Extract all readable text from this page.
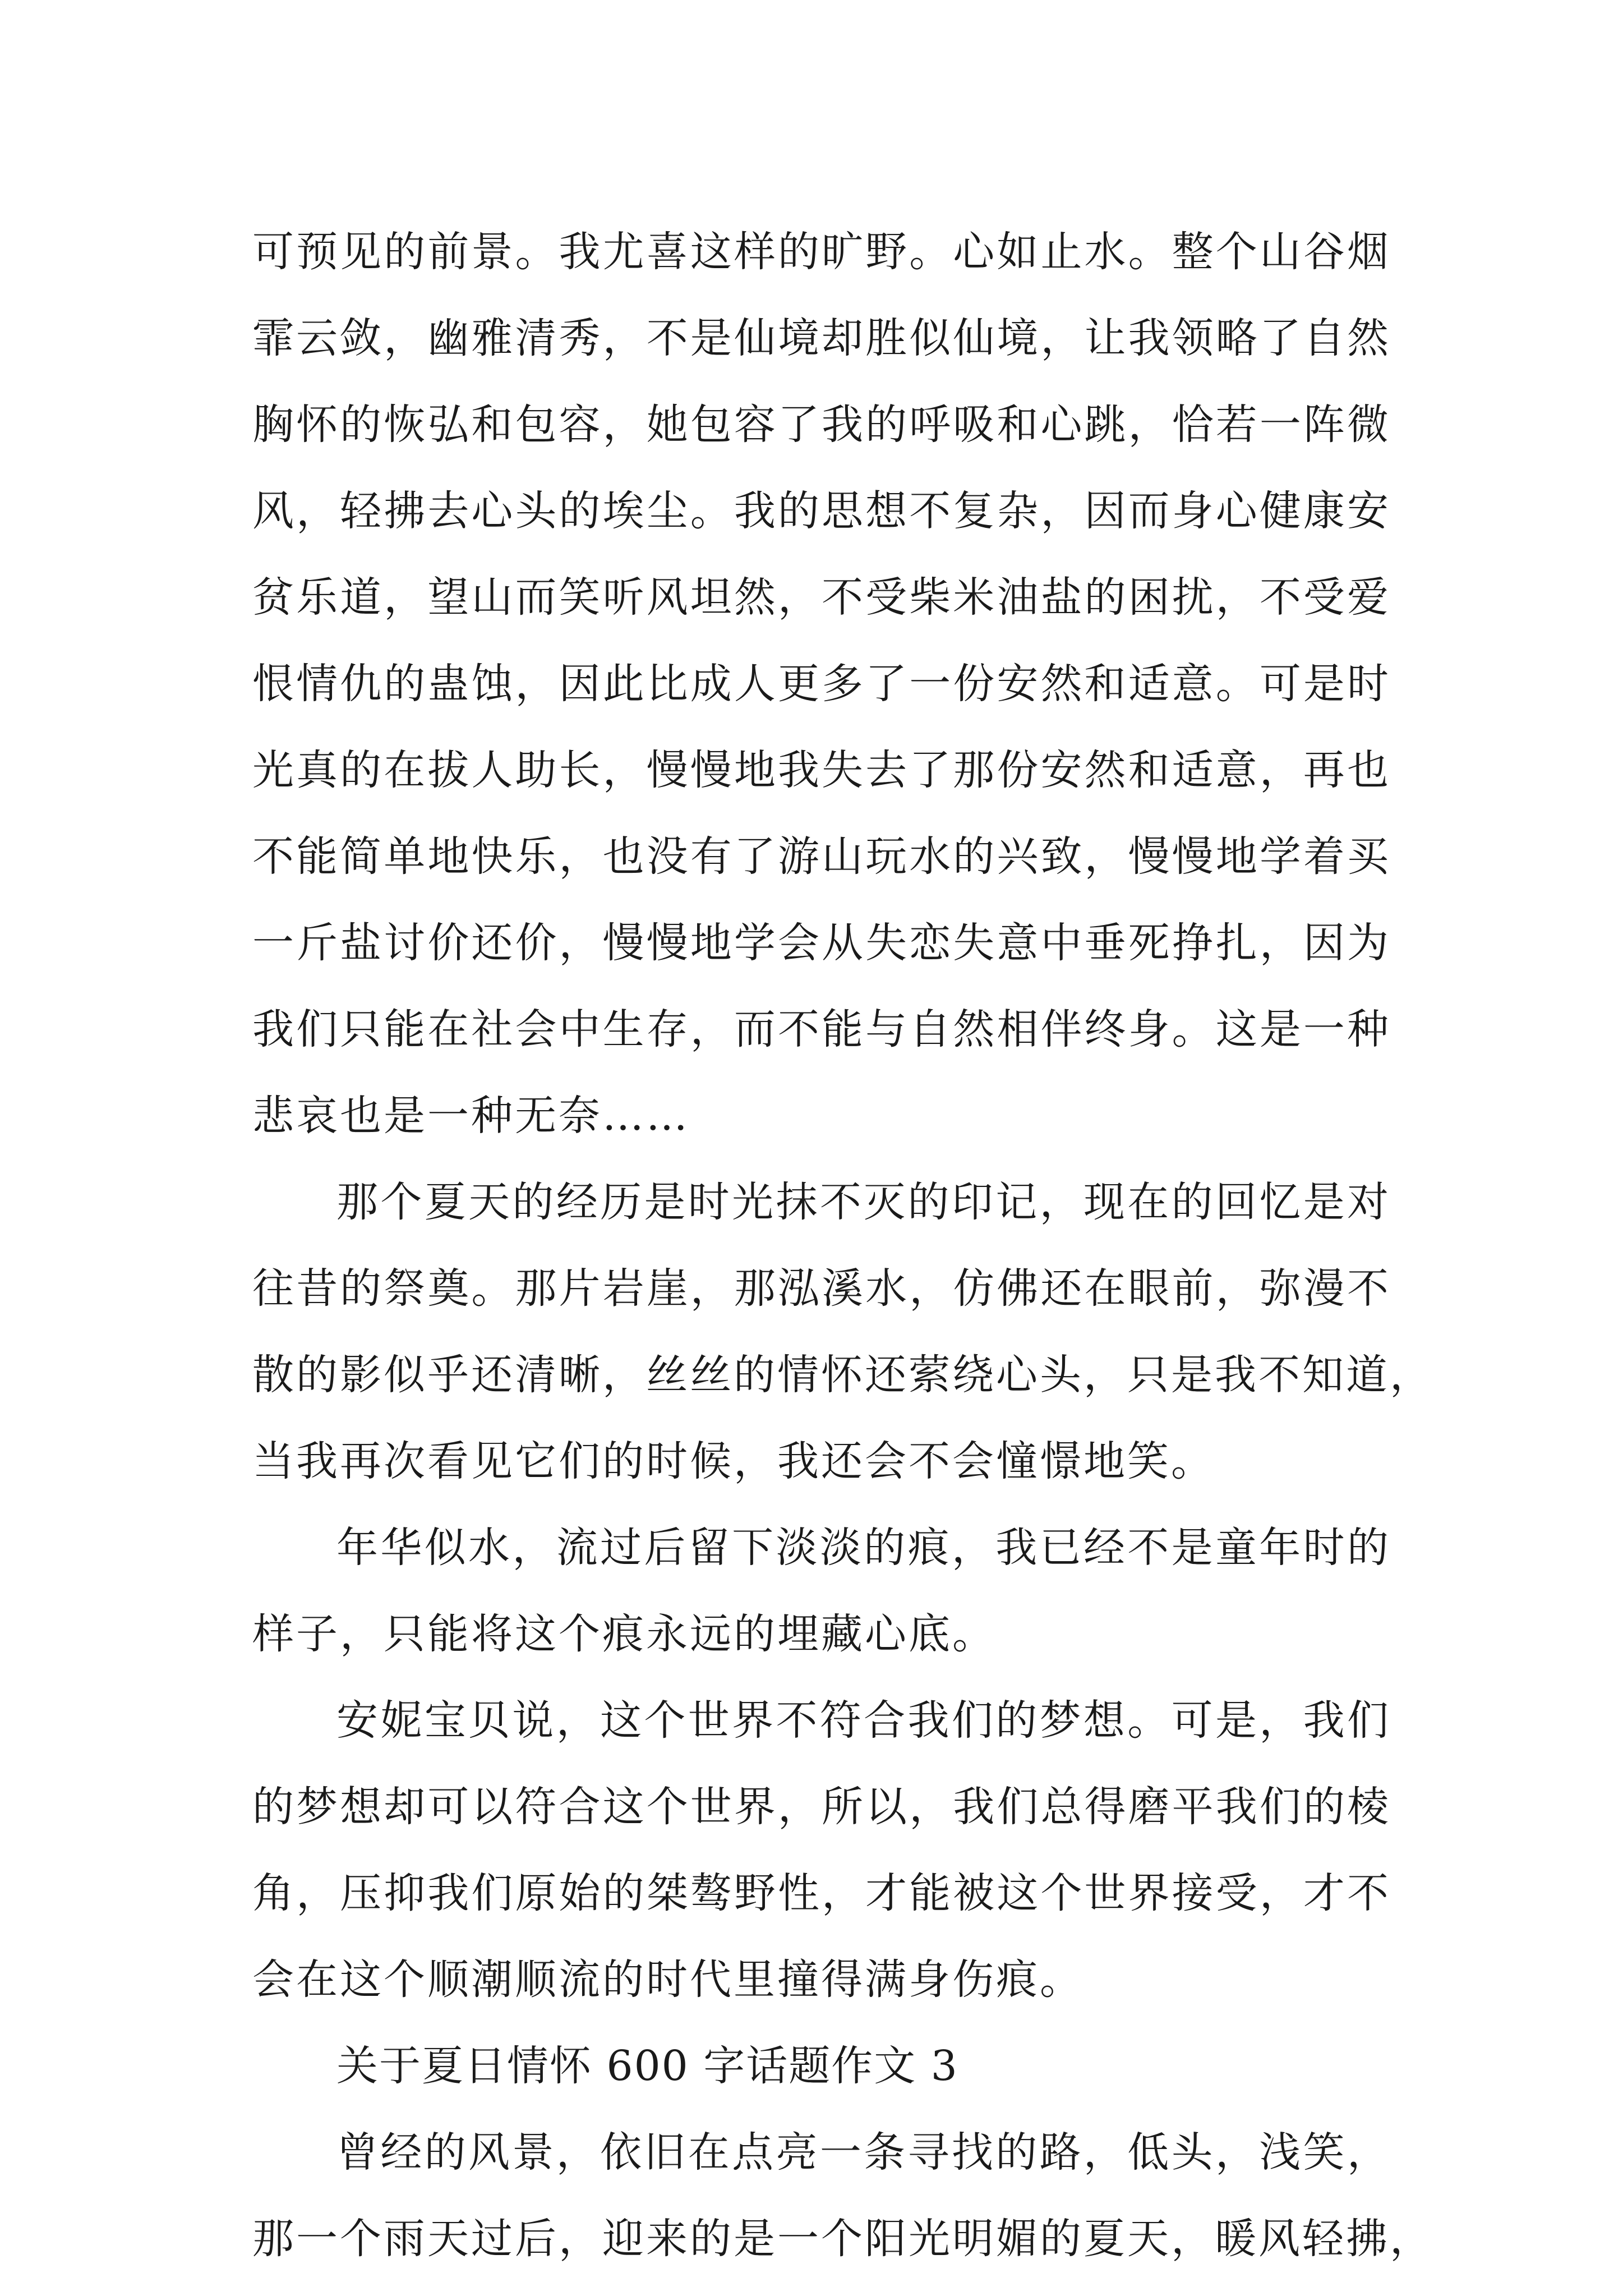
可预见的前景。我尤喜这样的旷野。心如止水。整个山谷烟
霏云敛，幽雅清秀，不是仙境却胜似仙境，让我领略了自然
胸怀的恢弘和包容，她包容了我的呼吸和心跳，恰若一阵微
风，轻拂去心头的埃尘。我的思想不复杂，因而身心健康安
贫乐道，望山而笑听风坦然，不受柴米油盐的困扰，不受爱
恨情仇的蛊蚀，因此比成人更多了一份安然和适意。可是时
光真的在拔人助长，慢慢地我失去了那份安然和适意，再也
不能简单地快乐，也没有了游山玩水的兴致，慢慢地学着买
一斤盐讨价还价，慢慢地学会从失恋失意中垂死挣扎，因为
我们只能在社会中生存，而不能与自然相伴终身。这是一种
悲哀也是一种无奈……
那个夏天的经历是时光抹不灭的印记，现在的回忆是对
往昔的祭奠。那片岩崖，那泓溪水，仿佛还在眼前，弥漫不
散的影似乎还清晰，丝丝的情怀还萦绕心头，只是我不知道，
当我再次看见它们的时候，我还会不会憧憬地笑。
年华似水，流过后留下淡淡的痕，我已经不是童年时的
样子，只能将这个痕永远的埋藏心底。
安妮宝贝说，这个世界不符合我们的梦想。可是，我们
的梦想却可以符合这个世界，所以，我们总得磨平我们的棱
角，压抑我们原始的桀骜野性，才能被这个世界接受，才不
会在这个顺潮顺流的时代里撞得满身伤痕。
关于夏日情怀 600 字话题作文 3
曾经的风景，依旧在点亮一条寻找的路，低头，浅笑，
那一个雨天过后，迎来的是一个阳光明媚的夏天，暖风轻拂，
